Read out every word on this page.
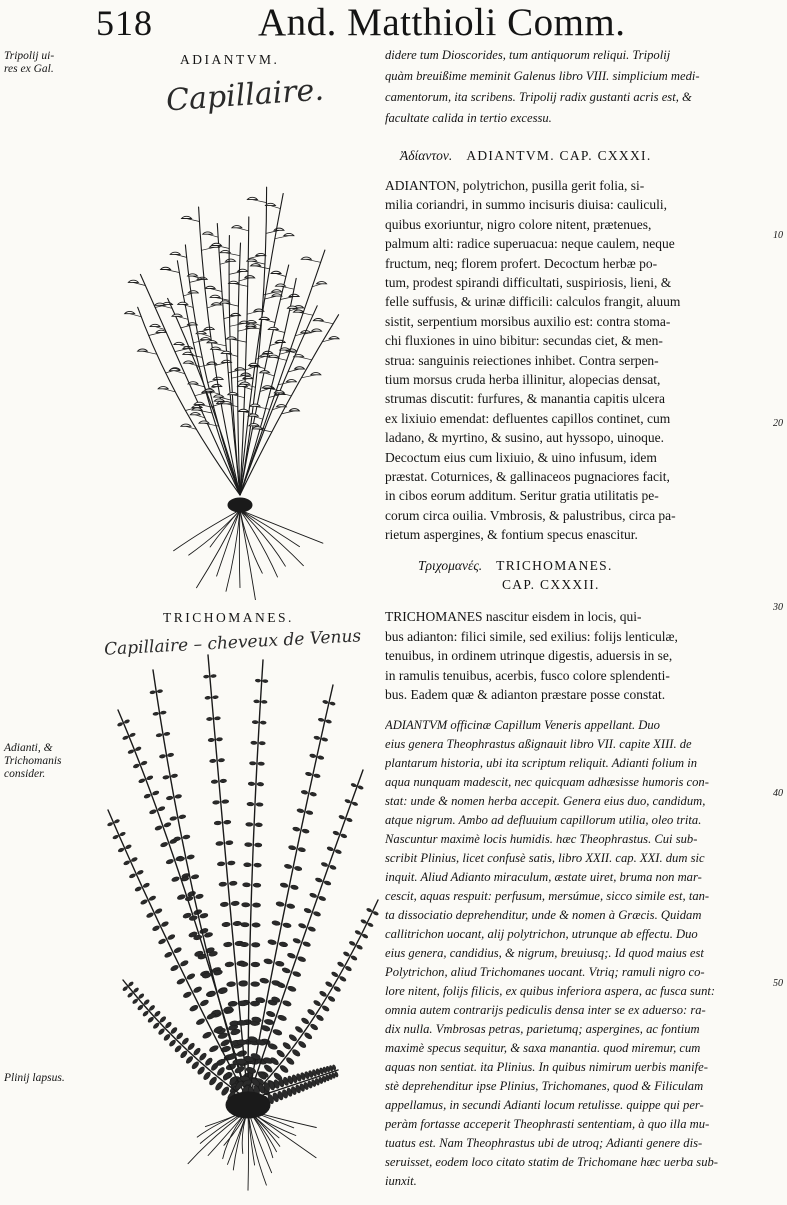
518	And. Matthioli Comm.
Tripolij ui-
res ex Gal.
Adianti, &
Trichomanis
consider.
Plinij lapsus.
10
20
30
40
50
ADIANTVM.
Capillaire.
TRICHOMANES.
Capillaire – cheveux de Venus
didere tum Dioscorides, tum antiquorum reliqui. Tripolij
quàm breuißime meminit Galenus libro VIII. simplicium medi-
camentorum, ita scribens. Tripolij radix gustanti acris est, &
facultate calida in tertio excessu.
Ἀδίαντον. ADIANTVM. CAP. CXXXI.
ADIANTON, polytrichon, pusilla gerit folia, si-
milia coriandri, in summo incisuris diuisa: cauliculi,
quibus exoriuntur, nigro colore nitent, prætenues,
palmum alti: radice superuacua: neque caulem, neque
fructum, neq; florem profert. Decoctum herbæ po-
tum, prodest spirandi difficultati, suspiriosis, lieni, &
felle suffusis, & urinæ difficili: calculos frangit, aluum
sistit, serpentium morsibus auxilio est: contra stoma-
chi fluxiones in uino bibitur: secundas ciet, & men-
strua: sanguinis reiectiones inhibet. Contra serpen-
tium morsus cruda herba illinitur, alopecias densat,
strumas discutit: furfures, & manantia capitis ulcera
ex lixiuio emendat: defluentes capillos continet, cum
ladano, & myrtino, & susino, aut hyssopo, uinoque.
Decoctum eius cum lixiuio, & uino infusum, idem
præstat. Coturnices, & gallinaceos pugnaciores facit,
in cibos eorum additum. Seritur gratia utilitatis pe-
corum circa ouilia. Vmbrosis, & palustribus, circa pa-
rietum aspergines, & fontium specus enascitur.
Τριχομανές. TRICHOMANES.
CAP. CXXXII.
TRICHOMANES nascitur eisdem in locis, qui-
bus adianton: filici simile, sed exilius: folijs lenticulæ,
tenuibus, in ordinem utrinque digestis, aduersis in se,
in ramulis tenuibus, acerbis, fusco colore splendenti-
bus. Eadem quæ & adianton præstare posse constat.
ADIANTVM officinæ Capillum Veneris appellant. Duo
eius genera Theophrastus aßignauit libro VII. capite XIII. de
plantarum historia, ubi ita scriptum reliquit. Adianti folium in
aqua nunquam madescit, nec quicquam adhæsisse humoris con-
stat: unde & nomen herba accepit. Genera eius duo, candidum,
atque nigrum. Ambo ad defluuium capillorum utilia, oleo trita.
Nascuntur maximè locis humidis. hæc Theophrastus. Cui sub-
scribit Plinius, licet confusè satis, libro XXII. cap. XXI. dum sic
inquit. Aliud Adianto miraculum, æstate uiret, bruma non mar-
cescit, aquas respuit: perfusum, mersúmue, sicco simile est, tan-
ta dissociatio deprehenditur, unde & nomen à Græcis. Quidam
callitrichon uocant, alij polytrichon, utrunque ab effectu. Duo
eius genera, candidius, & nigrum, breuiusq;. Id quod maius est
Polytrichon, aliud Trichomanes uocant. Vtriq; ramuli nigro co-
lore nitent, folijs filicis, ex quibus inferiora aspera, ac fusca sunt:
omnia autem contrarijs pediculis densa inter se ex aduerso: ra-
dix nulla. Vmbrosas petras, parietumq; aspergines, ac fontium
maximè specus sequitur, & saxa manantia. quod miremur, cum
aquas non sentiat. ita Plinius. In quibus nimirum uerbis manife-
stè deprehenditur ipse Plinius, Trichomanes, quod & Filiculam
appellamus, in secundi Adianti locum retulisse. quippe qui per-
peràm fortasse acceperit Theophrasti sententiam, à quo illa mu-
tuatus est. Nam Theophrastus ubi de utroq; Adianti genere dis-
seruisset, eodem loco citato statim de Trichomane hæc uerba sub-
iunxit.
